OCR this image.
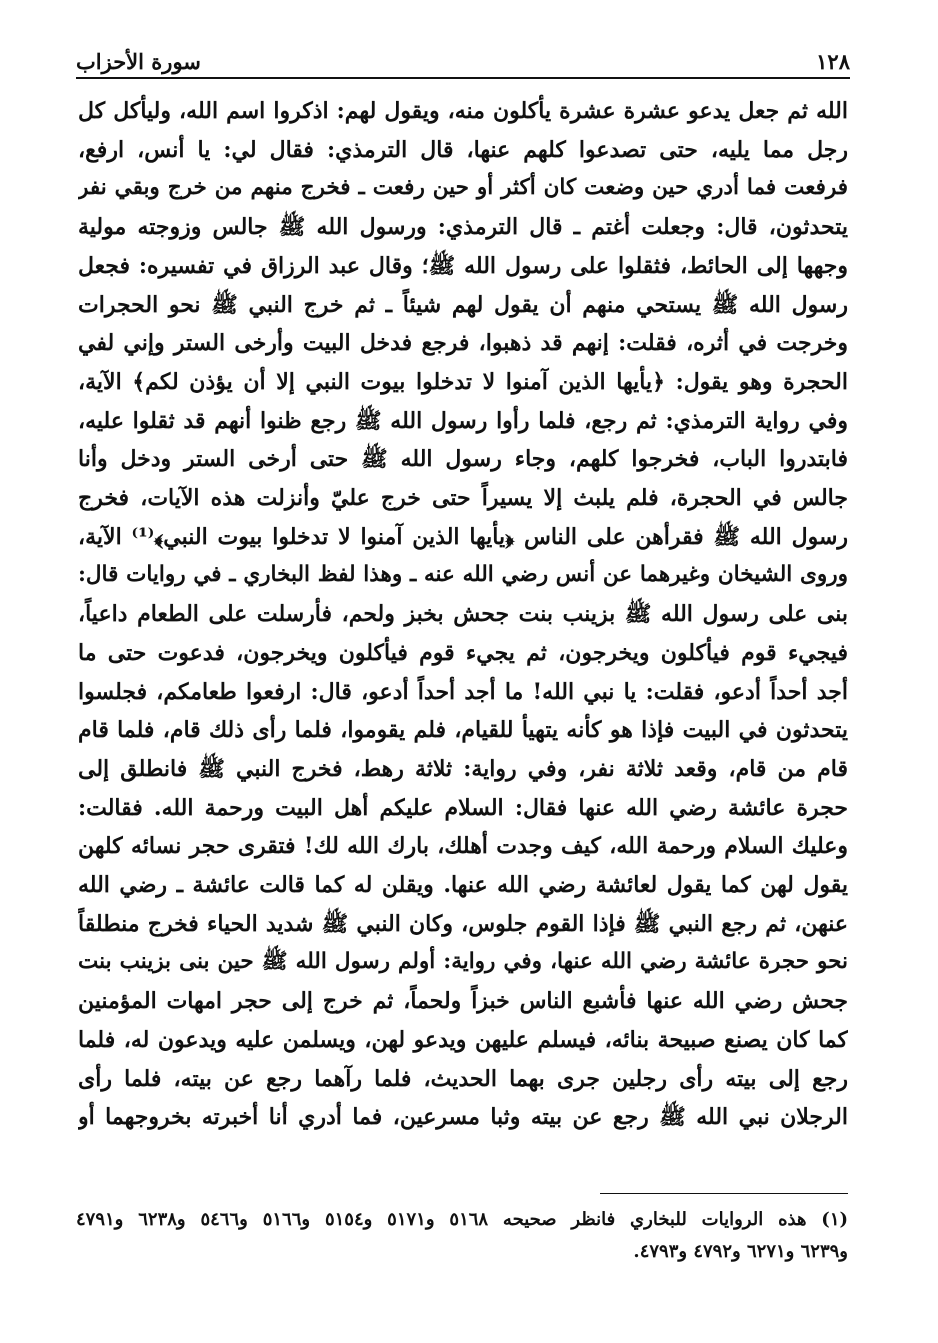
١٢٨
سورة الأحزاب
الله ثم جعل يدعو عشرة عشرة يأكلون منه، ويقول لهم: اذكروا اسم الله، وليأكل كل
رجل مما يليه، حتى تصدعوا كلهم عنها، قال الترمذي: فقال لي: يا أنس، ارفع،
فرفعت فما أدري حين وضعت كان أكثر أو حين رفعت ـ فخرج منهم من خرج وبقي نفر
يتحدثون، قال: وجعلت أغتم ـ قال الترمذي: ورسول الله ﷺ جالس وزوجته مولية
وجهها إلى الحائط، فثقلوا على رسول الله ﷺ؛ وقال عبد الرزاق في تفسيره: فجعل
رسول الله ﷺ يستحي منهم أن يقول لهم شيئاً ـ ثم خرج النبي ﷺ نحو الحجرات
وخرجت في أثره، فقلت: إنهم قد ذهبوا، فرجع فدخل البيت وأرخى الستر وإني لفي
الحجرة وهو يقول: ﴿يأيها الذين آمنوا لا تدخلوا بيوت النبي إلا أن يؤذن لكم﴾ الآية،
وفي رواية الترمذي: ثم رجع، فلما رأوا رسول الله ﷺ رجع ظنوا أنهم قد ثقلوا عليه،
فابتدروا الباب، فخرجوا كلهم، وجاء رسول الله ﷺ حتى أرخى الستر ودخل وأنا
جالس في الحجرة، فلم يلبث إلا يسيراً حتى خرج عليّ وأنزلت هذه الآيات، فخرج
رسول الله ﷺ فقرأهن على الناس ﴿يأيها الذين آمنوا لا تدخلوا بيوت النبي﴾⁽¹⁾ الآية،
وروى الشيخان وغيرهما عن أنس رضي الله عنه ـ وهذا لفظ البخاري ـ في روايات قال:
بنى على رسول الله ﷺ بزينب بنت جحش بخبز ولحم، فأرسلت على الطعام داعياً،
فيجيء قوم فيأكلون ويخرجون، ثم يجيء قوم فيأكلون ويخرجون، فدعوت حتى ما
أجد أحداً أدعو، فقلت: يا نبي الله! ما أجد أحداً أدعو، قال: ارفعوا طعامكم، فجلسوا
يتحدثون في البيت فإذا هو كأنه يتهيأ للقيام، فلم يقوموا، فلما رأى ذلك قام، فلما قام
قام من قام، وقعد ثلاثة نفر، وفي رواية: ثلاثة رهط، فخرج النبي ﷺ فانطلق إلى
حجرة عائشة رضي الله عنها فقال: السلام عليكم أهل البيت ورحمة الله. فقالت:
وعليك السلام ورحمة الله، كيف وجدت أهلك، بارك الله لك! فتقرى حجر نسائه كلهن
يقول لهن كما يقول لعائشة رضي الله عنها. ويقلن له كما قالت عائشة ـ رضي الله
عنهن، ثم رجع النبي ﷺ فإذا القوم جلوس، وكان النبي ﷺ شديد الحياء فخرج منطلقاً
نحو حجرة عائشة رضي الله عنها، وفي رواية: أولم رسول الله ﷺ حين بنى بزينب بنت
جحش رضي الله عنها فأشبع الناس خبزاً ولحماً، ثم خرج إلى حجر امهات المؤمنين
كما كان يصنع صبيحة بنائه، فيسلم عليهن ويدعو لهن، ويسلمن عليه ويدعون له، فلما
رجع إلى بيته رأى رجلين جرى بهما الحديث، فلما رآهما رجع عن بيته، فلما رأى
الرجلان نبي الله ﷺ رجع عن بيته وثبا مسرعين، فما أدري أنا أخبرته بخروجهما أو
(١) هذه الروايات للبخاري فانظر صحيحه ٥١٦٨ و٥١٧١ و٥١٥٤ و٥١٦٦ و٥٤٦٦ و٦٢٣٨ و٤٧٩١
و٦٢٣٩ و٦٢٧١ و٤٧٩٢ و٤٧٩٣.
